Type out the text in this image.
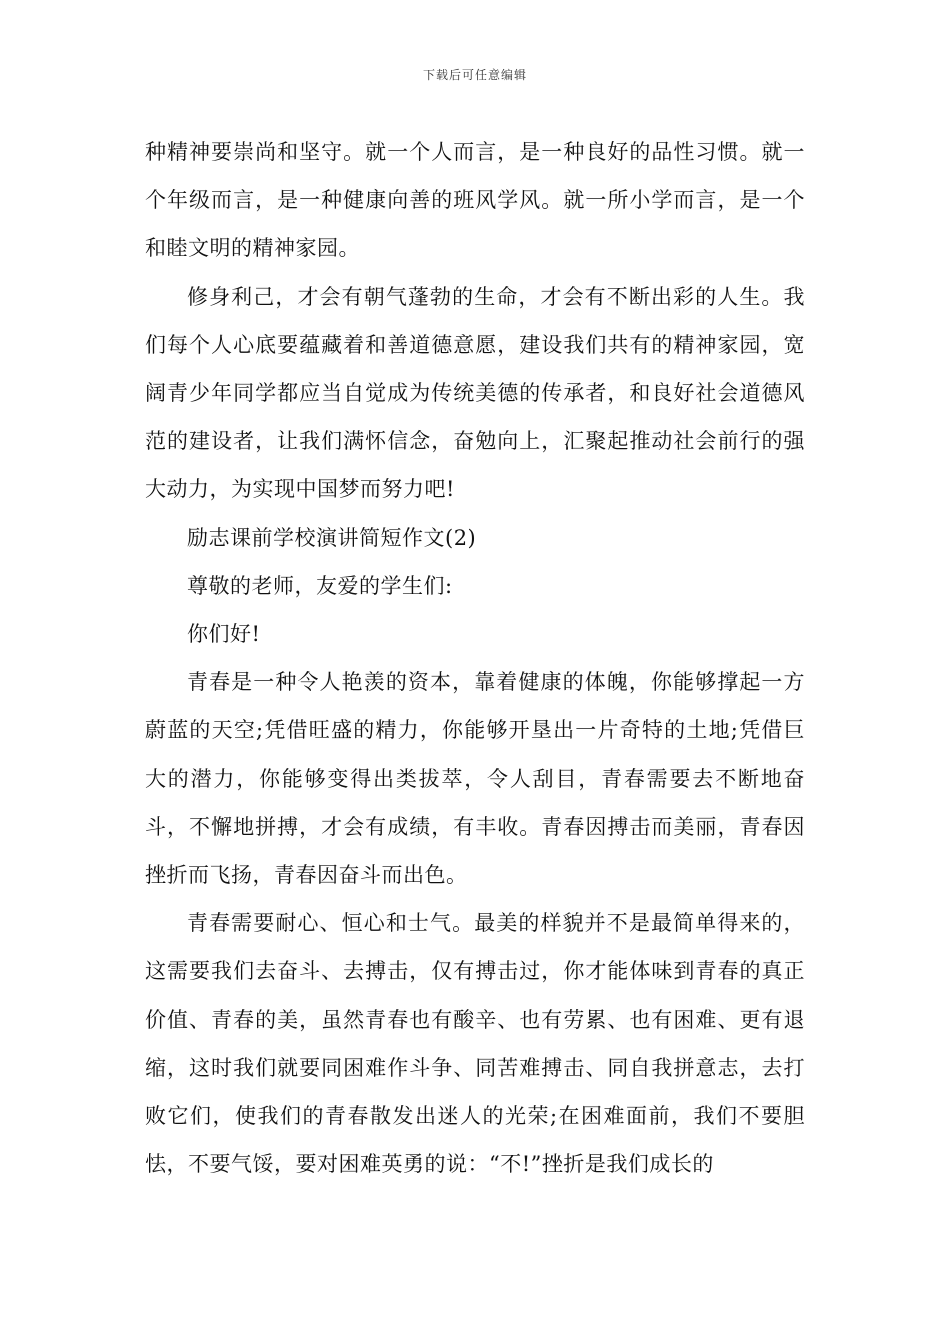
下载后可任意编辑

种精神要崇尚和坚守。就一个人而言，是一种良好的品性习惯。就一个年级而言，是一种健康向善的班风学风。就一所小学而言，是一个和睦文明的精神家园。

修身利己，才会有朝气蓬勃的生命，才会有不断出彩的人生。我们每个人心底要蕴藏着和善道德意愿，建设我们共有的精神家园，宽阔青少年同学都应当自觉成为传统美德的传承者，和良好社会道德风范的建设者，让我们满怀信念，奋勉向上，汇聚起推动社会前行的强大动力，为实现中国梦而努力吧!

励志课前学校演讲简短作文(2)

尊敬的老师，友爱的学生们:

你们好!

青春是一种令人艳羡的资本，靠着健康的体魄，你能够撑起一方蔚蓝的天空;凭借旺盛的精力，你能够开垦出一片奇特的土地;凭借巨大的潜力，你能够变得出类拔萃，令人刮目，青春需要去不断地奋斗，不懈地拼搏，才会有成绩，有丰收。青春因搏击而美丽，青春因挫折而飞扬，青春因奋斗而出色。

青春需要耐心、恒心和士气。最美的样貌并不是最简单得来的，这需要我们去奋斗、去搏击，仅有搏击过，你才能体味到青春的真正价值、青春的美，虽然青春也有酸辛、也有劳累、也有困难、更有退缩，这时我们就要同困难作斗争、同苦难搏击、同自我拼意志，去打败它们，使我们的青春散发出迷人的光荣;在困难面前，我们不要胆怯，不要气馁，要对困难英勇的说：“不!”挫折是我们成长的
